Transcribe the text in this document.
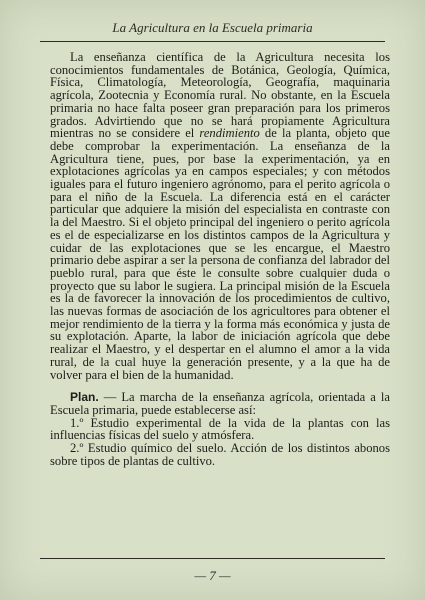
La Agricultura en la Escuela primaria

La enseñanza científica de la Agricultura necesita los conocimientos fundamentales de Botánica, Geología, Química, Física, Climatología, Meteorología, Geografía, maquinaria agrícola, Zootecnia y Economía rural. No obstante, en la Escuela primaria no hace falta poseer gran preparación para los primeros grados. Advirtiendo que no se hará propiamente Agricultura mientras no se considere el rendimiento de la planta, objeto que debe comprobar la experimentación. La enseñanza de la Agricultura tiene, pues, por base la experimentación, ya en explotaciones agrícolas ya en campos especiales; y con métodos iguales para el futuro ingeniero agrónomo, para el perito agrícola o para el niño de la Escuela. La diferencia está en el carácter particular que adquiere la misión del especialista en contraste con la del Maestro. Si el objeto principal del ingeniero o perito agrícola es el de especializarse en los distintos campos de la Agricultura y cuidar de las explotaciones que se les encargue, el Maestro primario debe aspirar a ser la persona de confianza del labrador del pueblo rural, para que éste le consulte sobre cualquier duda o proyecto que su labor le sugiera. La principal misión de la Escuela es la de favorecer la innovación de los procedimientos de cultivo, las nuevas formas de asociación de los agricultores para obtener el mejor rendimiento de la tierra y la forma más económica y justa de su explotación. Aparte, la labor de iniciación agrícola que debe realizar el Maestro, y el despertar en el alumno el amor a la vida rural, de la cual huye la generación presente, y a la que ha de volver para el bien de la humanidad.

Plan. — La marcha de la enseñanza agrícola, orientada a la Escuela primaria, puede establecerse así:

1.º Estudio experimental de la vida de la plantas con las influencias físicas del suelo y atmósfera.

2.º Estudio químico del suelo. Acción de los distintos abonos sobre tipos de plantas de cultivo.

— 7 —
